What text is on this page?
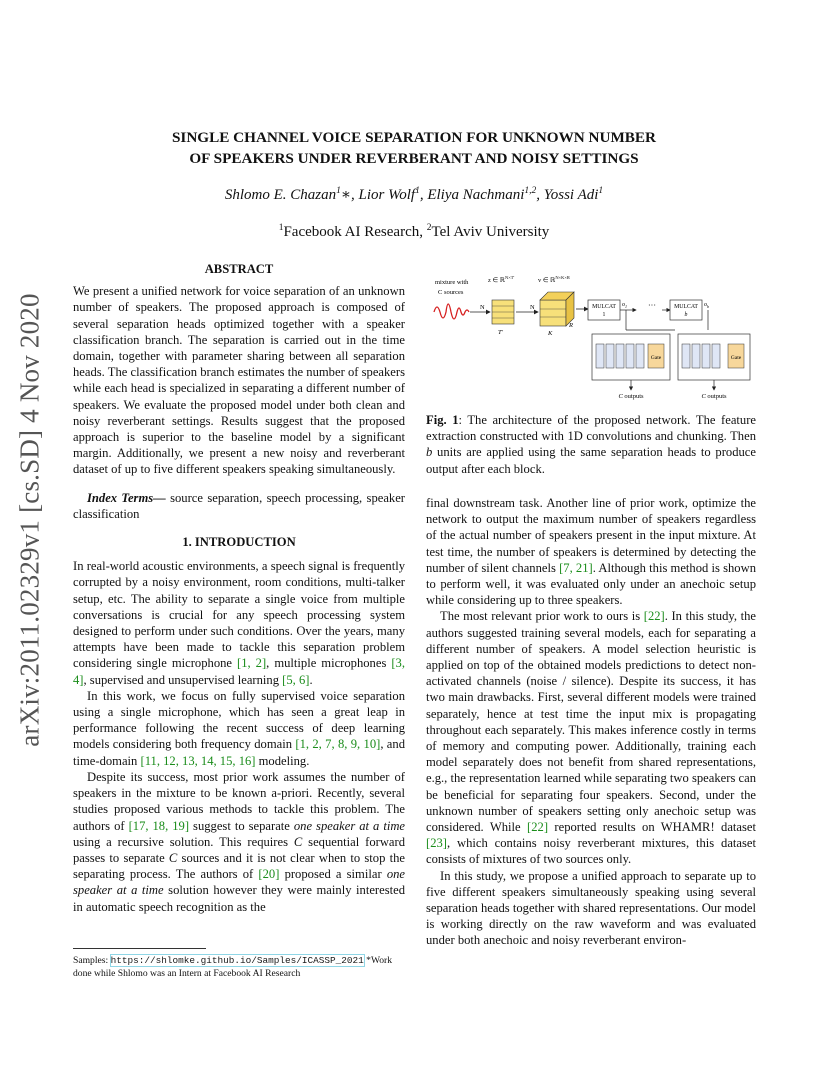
arXiv:2011.02329v1 [cs.SD] 4 Nov 2020
SINGLE CHANNEL VOICE SEPARATION FOR UNKNOWN NUMBER
OF SPEAKERS UNDER REVERBERANT AND NOISY SETTINGS
Shlomo E. Chazan$^1$∗, Lior Wolf$^1$, Eliya Nachmani$^{1,2}$, Yossi Adi$^1$
$^1$Facebook AI Research, $^2$Tel Aviv University
ABSTRACT

We present a unified network for voice separation of an unknown number of speakers. The proposed approach is composed of several separation heads optimized together with a speaker classification branch. The separation is carried out in the time domain, together with parameter sharing between all separation heads. The classification branch estimates the number of speakers while each head is specialized in separating a different number of speakers. We evaluate the proposed model under both clean and noisy reverberant settings. Results suggest that the proposed approach is superior to the baseline model by a significant margin. Additionally, we present a new noisy and reverberant dataset of up to five different speakers speaking simultaneously.

Index Terms— source separation, speech processing, speaker classification

1. INTRODUCTION

In real-world acoustic environments, a speech signal is frequently corrupted by a noisy environment, room conditions, multi-talker setup, etc. The ability to separate a single voice from multiple conversations is crucial for any speech processing system designed to perform under such conditions. Over the years, many attempts have been made to tackle this separation problem considering single microphone [1, 2], multiple microphones [3, 4], supervised and unsupervised learning [5, 6].

In this work, we focus on fully supervised voice separation using a single microphone, which has seen a great leap in performance following the recent success of deep learning models considering both frequency domain [1, 2, 7, 8, 9, 10], and time-domain [11, 12, 13, 14, 15, 16] modeling.

Despite its success, most prior work assumes the number of speakers in the mixture to be known a-priori. Recently, several studies proposed various methods to tackle this problem. The authors of [17, 18, 19] suggest to separate one speaker at a time using a recursive solution. This requires C sequential forward passes to separate C sources and it is not clear when to stop the separating process. The authors of [20] proposed a similar one speaker at a time solution however they were mainly interested in automatic speech recognition as the

Samples: https://shlomke.github.io/Samples/ICASSP_2021 *Work done while Shlomo was an Intern at Facebook AI Research
mixture with
C sources
z ∈ ℝ$^{N\times T'}$	v ∈ ℝ$^{N\times K\times R}$
N
T'
N
K
R
MULCAT
1
$o_1$	···	MULCAT
b
$o_b$
Gate
C outputs
Gate
C outputs
Fig. 1: The architecture of the proposed network. The feature extraction constructed with 1D convolutions and chunking. Then b units are applied using the same separation heads to produce output after each block.

final downstream task. Another line of prior work, optimize the network to output the maximum number of speakers regardless of the actual number of speakers present in the input mixture. At test time, the number of speakers is determined by detecting the number of silent channels [7, 21]. Although this method is shown to perform well, it was evaluated only under an anechoic setup while considering up to three speakers.

The most relevant prior work to ours is [22]. In this study, the authors suggested training several models, each for separating a different number of speakers. A model selection heuristic is applied on top of the obtained models predictions to detect non-activated channels (noise / silence). Despite its success, it has two main drawbacks. First, several different models were trained separately, hence at test time the input mix is propagating throughout each separately. This makes inference costly in terms of memory and computing power. Additionally, training each model separately does not benefit from shared representations, e.g., the representation learned while separating two speakers can be beneficial for separating four speakers. Second, under the unknown number of speakers setting only anechoic setup was considered. While [22] reported results on WHAMR! dataset [23], which contains noisy reverberant mixtures, this dataset consists of mixtures of two sources only.

In this study, we propose a unified approach to separate up to five different speakers simultaneously speaking using several separation heads together with shared representations. Our model is working directly on the raw waveform and was evaluated under both anechoic and noisy reverberant environ-
